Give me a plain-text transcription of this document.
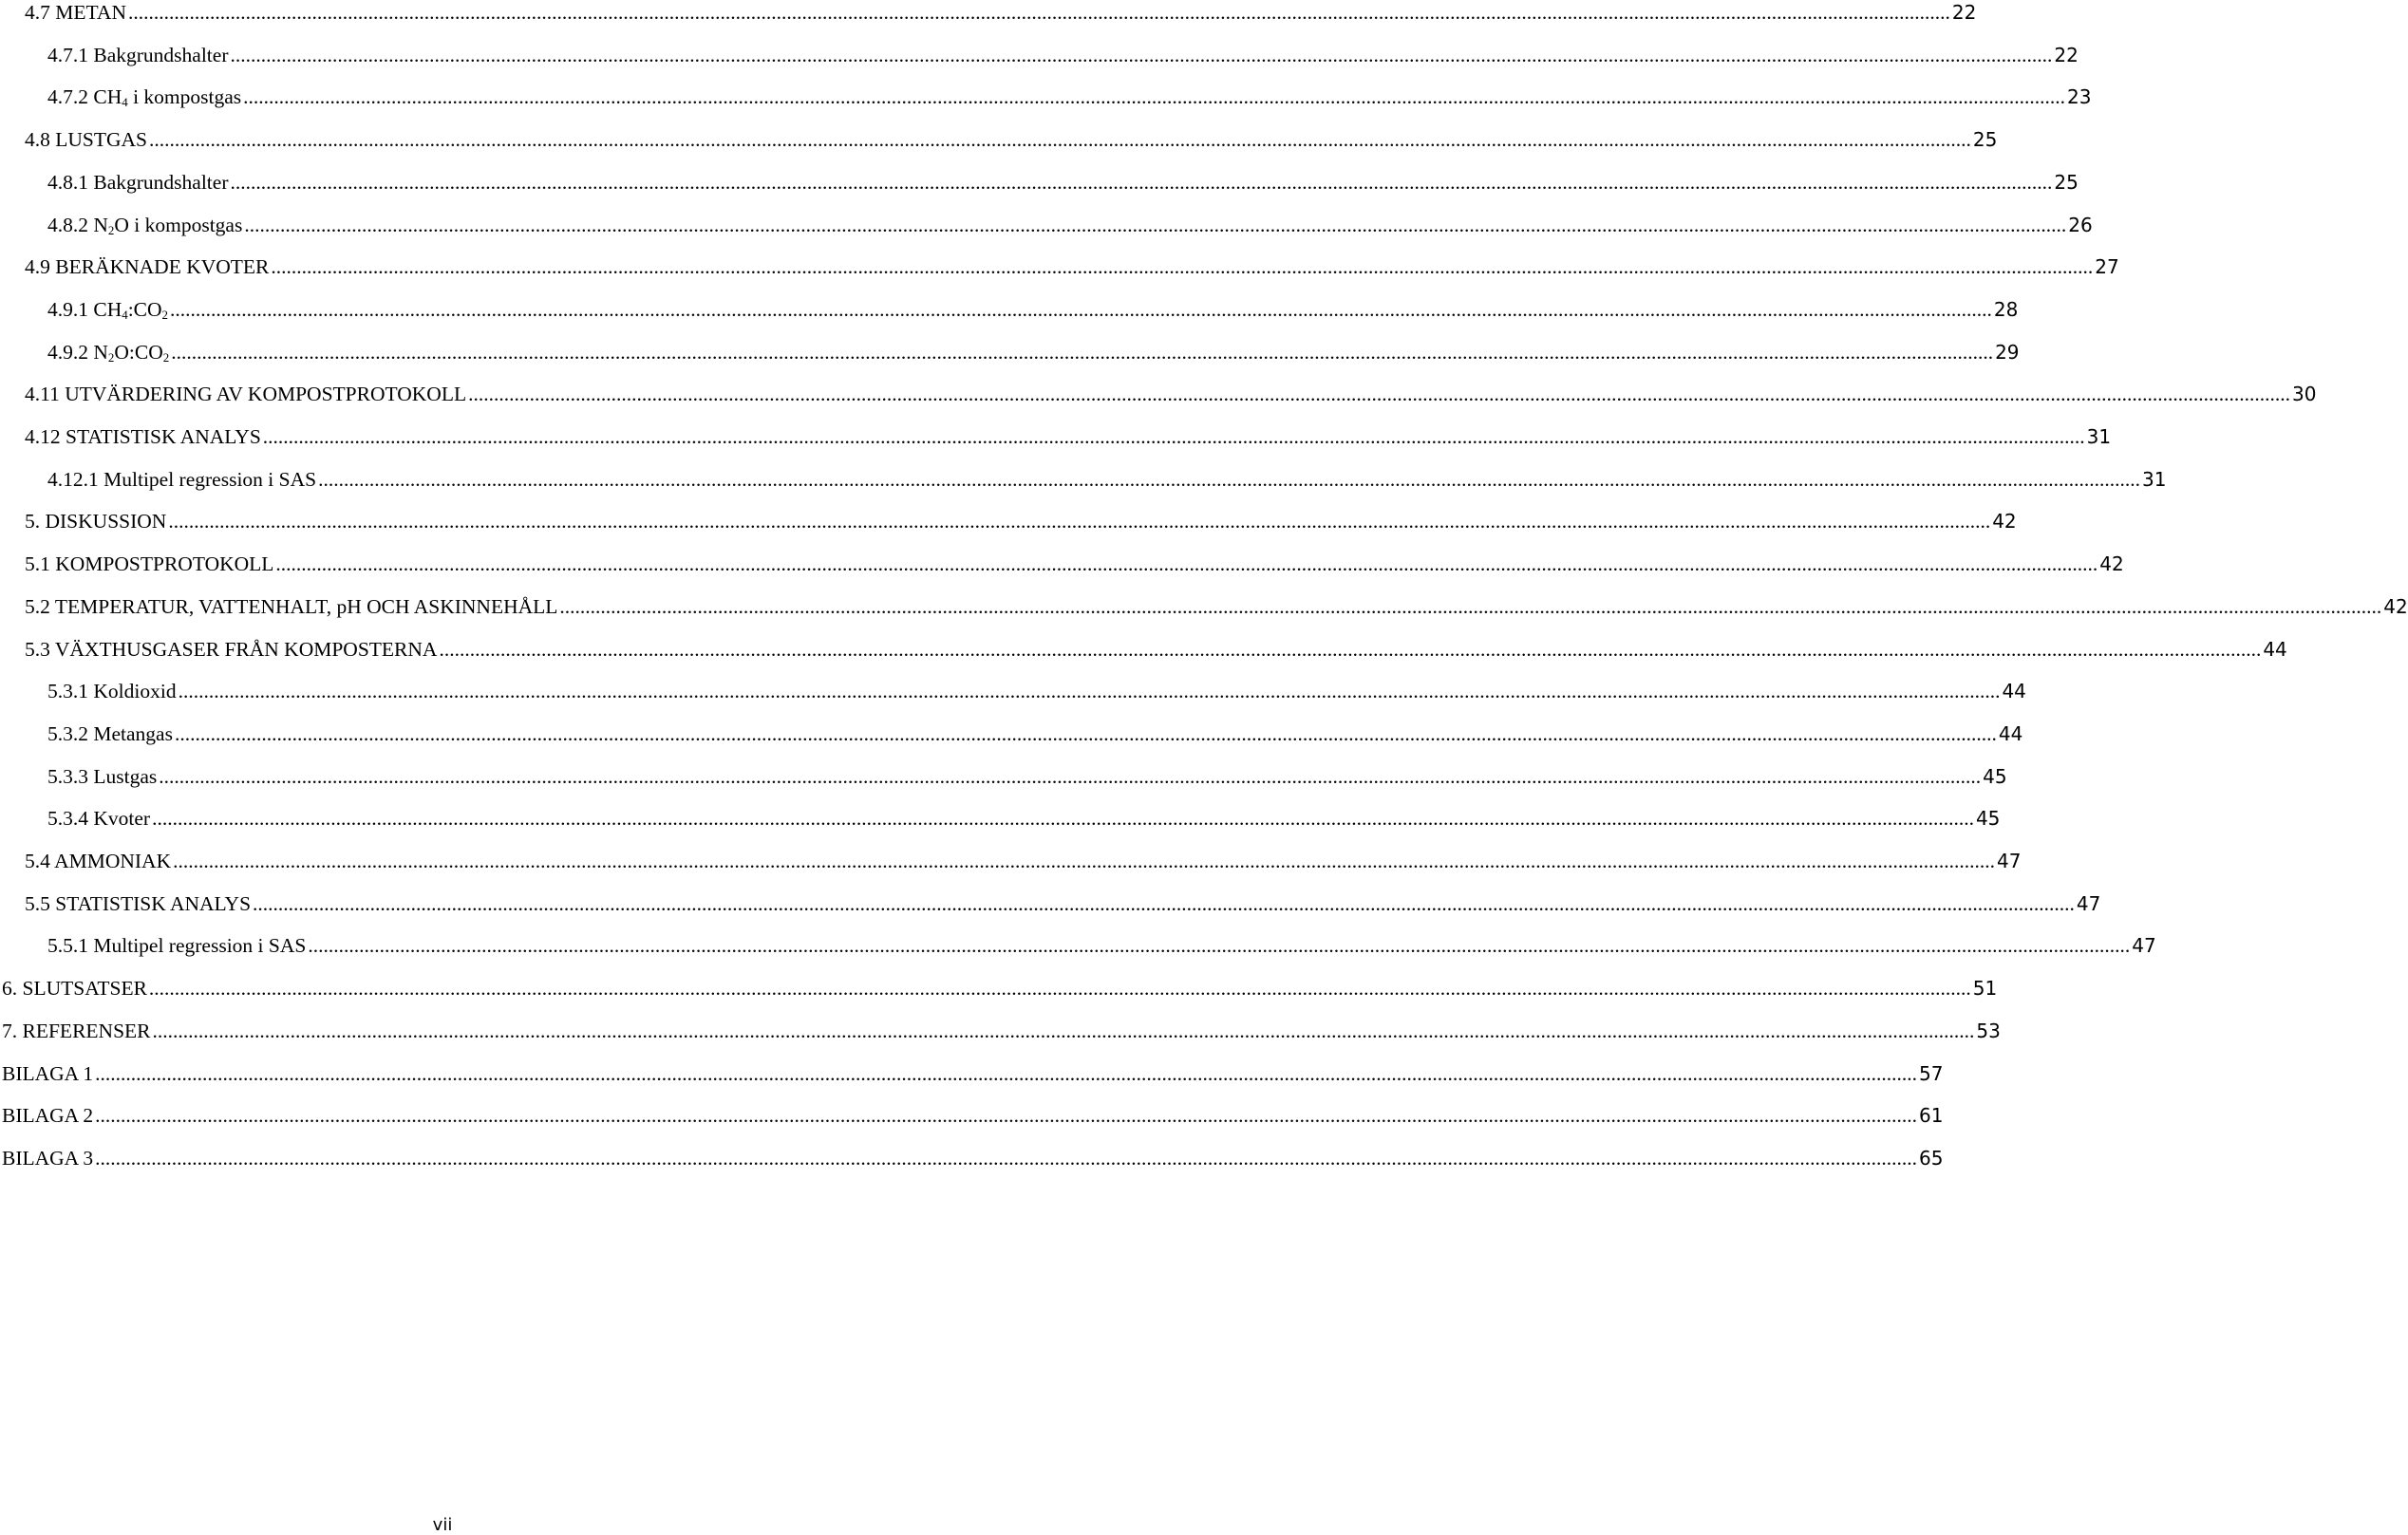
4.7 METAN .....	22
4.7.1 Bakgrundshalter .....	22
4.7.2 $CH_4$ i kompostgas .....	23
4.8 LUSTGAS .....	25
4.8.1 Bakgrundshalter .....	25
4.8.2 $N_2O$ i kompostgas .....	26
4.9 BERÄKNADE KVOTER .....	27
4.9.1 $CH_4:CO_2$ .....	28
4.9.2 $N_2O:CO_2$ .....	29
4.11 UTVÄRDERING AV KOMPOSTPROTOKOLL .....	30
4.12 STATISTISK ANALYS .....	31
4.12.1 Multipel regression i SAS .....	31
5. DISKUSSION .....	42
5.1 KOMPOSTPROTOKOLL .....	42
5.2 TEMPERATUR, VATTENHALT, pH OCH ASKINNEHÅLL .....	42
5.3 VÄXTHUSGASER FRÅN KOMPOSTERNA .....	44
5.3.1 Koldioxid .....	44
5.3.2 Metangas .....	44
5.3.3 Lustgas .....	45
5.3.4 Kvoter .....	45
5.4 AMMONIAK .....	47
5.5 STATISTISK ANALYS .....	47
5.5.1 Multipel regression i SAS .....	47
6. SLUTSATSER .....	51
7. REFERENSER .....	53
BILAGA 1 .....	57
BILAGA 2 .....	61
BILAGA 3 .....	65
vii
